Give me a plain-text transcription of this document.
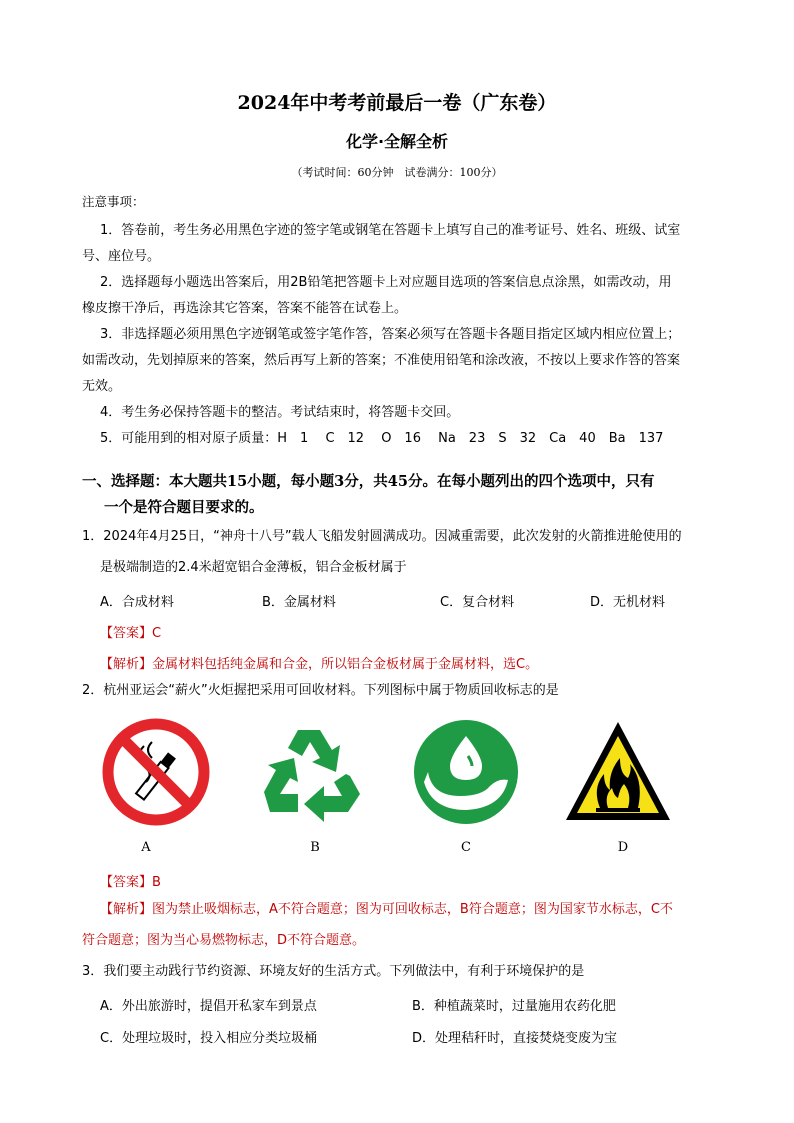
2024年中考考前最后一卷（广东卷）
化学·全解全析
（考试时间：60分钟　试卷满分：100分）
注意事项：
1．答卷前，考生务必用黑色字迹的签字笔或钢笔在答题卡上填写自己的准考证号、姓名、班级、试室
号、座位号。
2．选择题每小题选出答案后，用2B铅笔把答题卡上对应题目选项的答案信息点涂黑，如需改动，用
橡皮擦干净后，再选涂其它答案，答案不能答在试卷上。
3．非选择题必须用黑色字迹钢笔或签字笔作答，答案必须写在答题卡各题目指定区域内相应位置上；
如需改动，先划掉原来的答案，然后再写上新的答案；不准使用铅笔和涂改液，不按以上要求作答的答案
无效。
4．考生务必保持答题卡的整洁。考试结束时，将答题卡交回。
5．可能用到的相对原子质量：H　1　 C　12　 O　16　 Na　23　S　32　Ca　40　Ba　137
一、选择题：本大题共15小题，每小题3分，共45分。在每小题列出的四个选项中，只有
一个是符合题目要求的。
1．2024年4月25日，“神舟十八号”载人飞船发射圆满成功。因减重需要，此次发射的火箭推进舱使用的
是极端制造的2.4米超宽铝合金薄板，铝合金板材属于
A．合成材料	B．金属材料	C．复合材料	D．无机材料
【答案】C
【解析】金属材料包括纯金属和合金，所以铝合金板材属于金属材料，选C。
2．杭州亚运会“薪火”火炬握把采用可回收材料。下列图标中属于物质回收标志的是
A	B	C	D
【答案】B
【解析】图为禁止吸烟标志，A不符合题意；图为可回收标志，B符合题意；图为国家节水标志，C不
符合题意；图为当心易燃物标志，D不符合题意。
3．我们要主动践行节约资源、环境友好的生活方式。下列做法中，有利于环境保护的是
A．外出旅游时，提倡开私家车到景点	B．种植蔬菜时，过量施用农药化肥
C．处理垃圾时，投入相应分类垃圾桶	D．处理秸秆时，直接焚烧变废为宝
